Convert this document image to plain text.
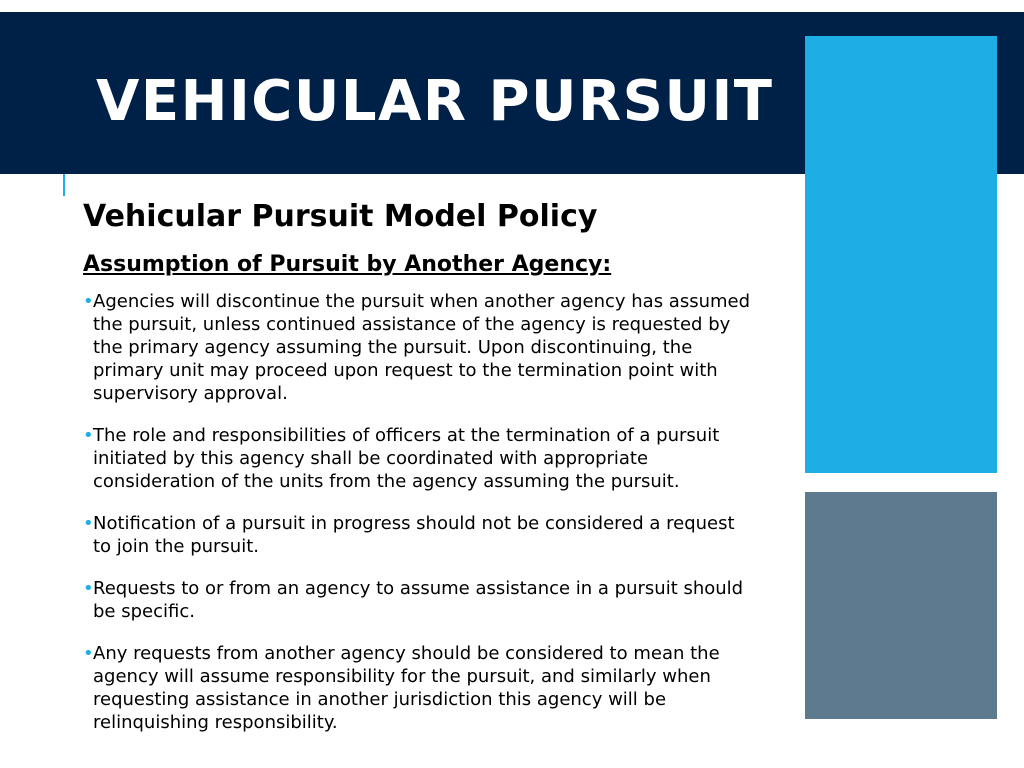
VEHICULAR PURSUIT
Vehicular Pursuit Model Policy
Assumption of Pursuit by Another Agency:
• Agencies will discontinue the pursuit when another agency has assumed the pursuit, unless continued assistance of the agency is requested by the primary agency assuming the pursuit. Upon discontinuing, the primary unit may proceed upon request to the termination point with supervisory approval.
• The role and responsibilities of officers at the termination of a pursuit initiated by this agency shall be coordinated with appropriate consideration of the units from the agency assuming the pursuit.
• Notification of a pursuit in progress should not be considered a request to join the pursuit.
• Requests to or from an agency to assume assistance in a pursuit should be specific.
• Any requests from another agency should be considered to mean the agency will assume responsibility for the pursuit, and similarly when requesting assistance in another jurisdiction this agency will be relinquishing responsibility.
